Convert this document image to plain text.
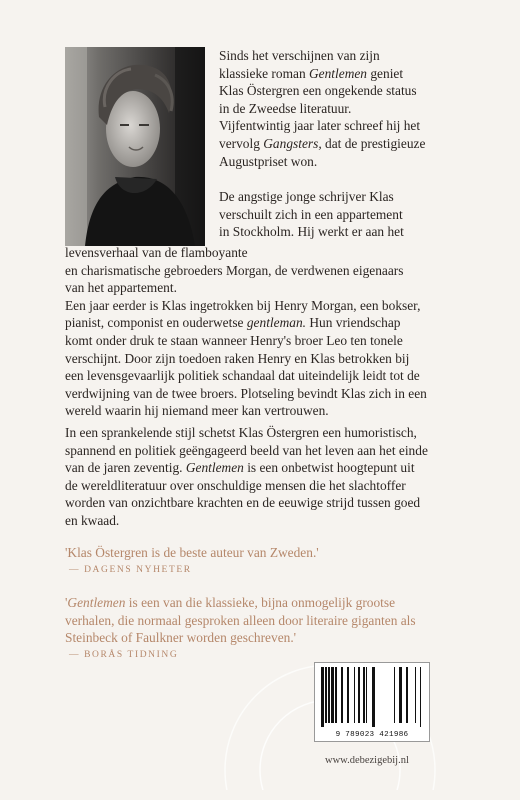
Sinds het verschijnen van zijn
klassieke roman Gentlemen geniet
Klas Östergren een ongekende status
in de Zweedse literatuur.
Vijfentwintig jaar later schreef hij het
vervolg Gangsters, dat de prestigieuze
Augustpriset won.

De angstige jonge schrijver Klas
verschuilt zich in een appartement
in Stockholm. Hij werkt er aan het

levensverhaal van de flamboyante
en charismatische gebroeders Morgan, de verdwenen eigenaars
van het appartement.
Een jaar eerder is Klas ingetrokken bij Henry Morgan, een bokser,
pianist, componist en ouderwetse gentleman. Hun vriendschap
komt onder druk te staan wanneer Henry's broer Leo ten tonele
verschijnt. Door zijn toedoen raken Henry en Klas betrokken bij
een levensgevaarlijk politiek schandaal dat uiteindelijk leidt tot de
verdwijning van de twee broers. Plotseling bevindt Klas zich in een
wereld waarin hij niemand meer kan vertrouwen.

In een sprankelende stijl schetst Klas Östergren een humoristisch,
spannend en politiek geëngageerd beeld van het leven aan het einde
van de jaren zeventig. Gentlemen is een onbetwist hoogtepunt uit
de wereldliteratuur over onschuldige mensen die het slachtoffer
worden van onzichtbare krachten en de eeuwige strijd tussen goed
en kwaad.

'Klas Östergren is de beste auteur van Zweden.'

— DAGENS NYHETER

'Gentlemen is een van die klassieke, bijna onmogelijk grootse
verhalen, die normaal gesproken alleen door literaire giganten als
Steinbeck of Faulkner worden geschreven.'

— BORÅS TIDNING
9 789023 421986
www.debezigebij.nl
